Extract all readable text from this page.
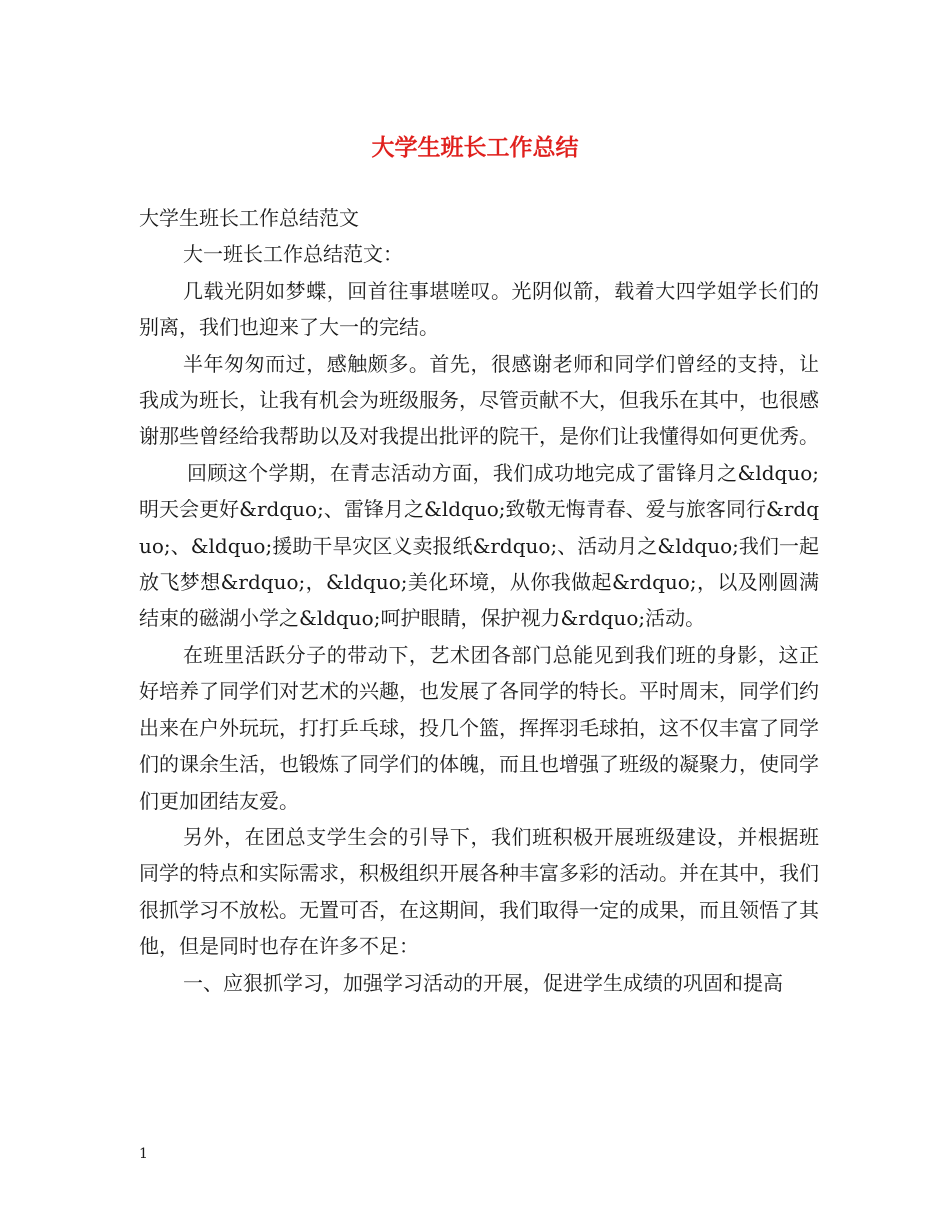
大学生班长工作总结

大学生班长工作总结范文

大一班长工作总结范文：

几载光阴如梦蝶，回首往事堪嗟叹。光阴似箭，载着大四学姐学长们的别离，我们也迎来了大一的完结。

半年匆匆而过，感触颇多。首先，很感谢老师和同学们曾经的支持，让我成为班长，让我有机会为班级服务，尽管贡献不大，但我乐在其中，也很感谢那些曾经给我帮助以及对我提出批评的院干，是你们让我懂得如何更优秀。

回顾这个学期，在青志活动方面，我们成功地完成了雷锋月之&ldquo;明天会更好&rdquo;、雷锋月之&ldquo;致敬无悔青春、爱与旅客同行&rdquo;、&ldquo;援助干旱灾区义卖报纸&rdquo;、活动月之&ldquo;我们一起放飞梦想&rdquo;，&ldquo;美化环境，从你我做起&rdquo;，以及刚圆满结束的磁湖小学之&ldquo;呵护眼睛，保护视力&rdquo;活动。

在班里活跃分子的带动下，艺术团各部门总能见到我们班的身影，这正好培养了同学们对艺术的兴趣，也发展了各同学的特长。平时周末，同学们约出来在户外玩玩，打打乒乓球，投几个篮，挥挥羽毛球拍，这不仅丰富了同学们的课余生活，也锻炼了同学们的体魄，而且也增强了班级的凝聚力，使同学们更加团结友爱。

另外，在团总支学生会的引导下，我们班积极开展班级建设，并根据班同学的特点和实际需求，积极组织开展各种丰富多彩的活动。并在其中，我们很抓学习不放松。无置可否，在这期间，我们取得一定的成果，而且领悟了其他，但是同时也存在许多不足：

一、应狠抓学习，加强学习活动的开展，促进学生成绩的巩固和提高

1
